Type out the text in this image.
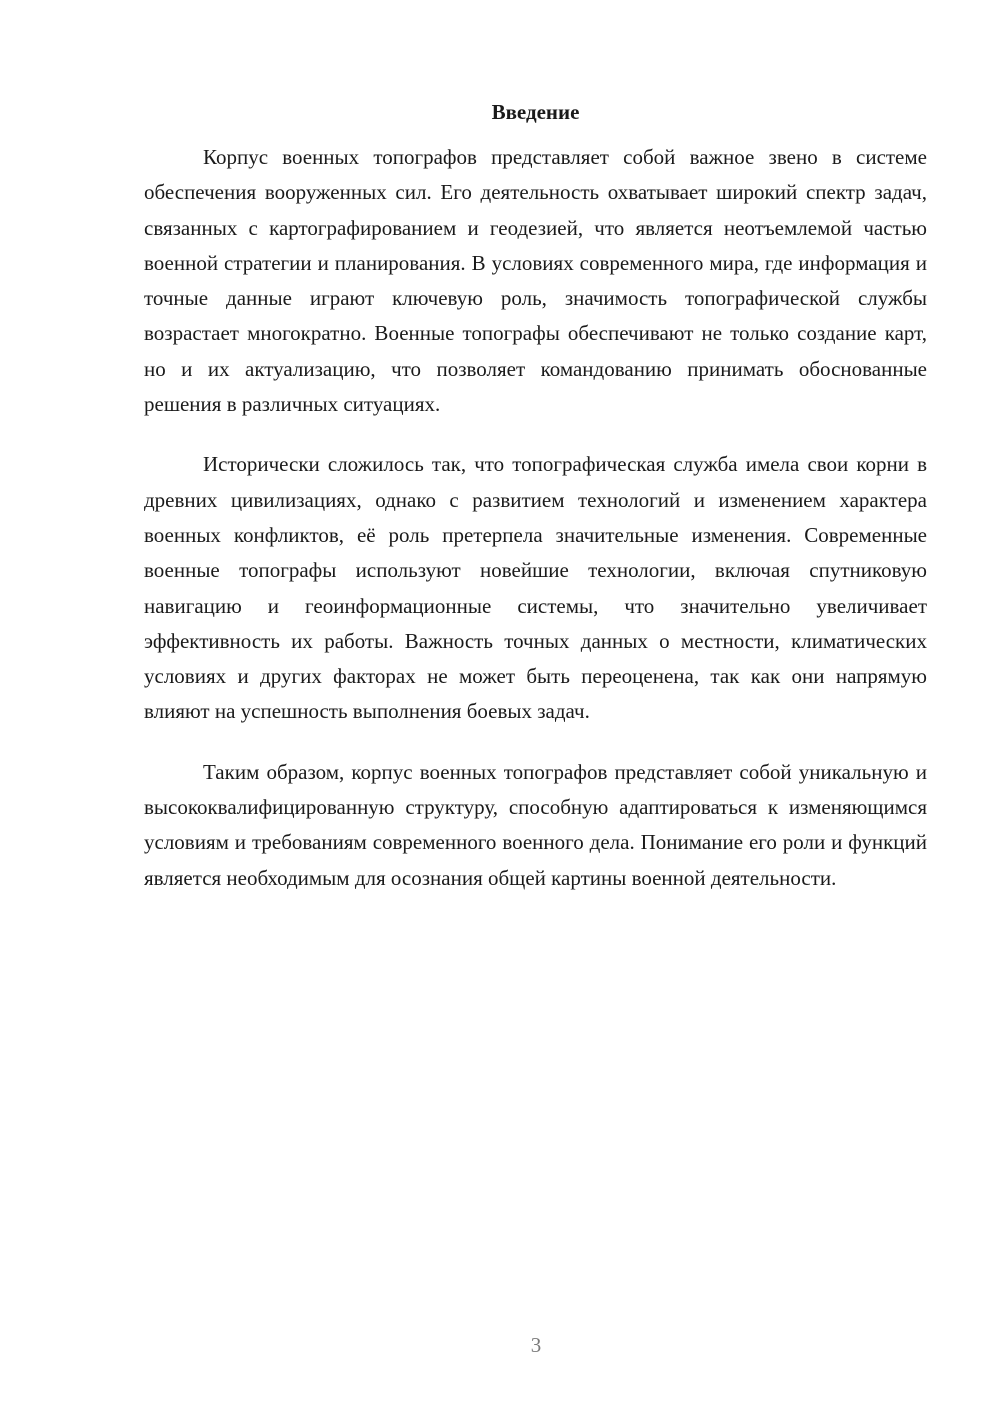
Введение

Корпус военных топографов представляет собой важное звено в системе обеспечения вооруженных сил. Его деятельность охватывает широкий спектр задач, связанных с картографированием и геодезией, что является неотъемлемой частью военной стратегии и планирования. В условиях современного мира, где информация и точные данные играют ключевую роль, значимость топографической службы возрастает многократно. Военные топографы обеспечивают не только создание карт, но и их актуализацию, что позволяет командованию принимать обоснованные решения в различных ситуациях.

Исторически сложилось так, что топографическая служба имела свои корни в древних цивилизациях, однако с развитием технологий и изменением характера военных конфликтов, её роль претерпела значительные изменения. Современные военные топографы используют новейшие технологии, включая спутниковую навигацию и геоинформационные системы, что значительно увеличивает эффективность их работы. Важность точных данных о местности, климатических условиях и других факторах не может быть переоценена, так как они напрямую влияют на успешность выполнения боевых задач.

Таким образом, корпус военных топографов представляет собой уникальную и высококвалифицированную структуру, способную адаптироваться к изменяющимся условиям и требованиям современного военного дела. Понимание его роли и функций является необходимым для осознания общей картины военной деятельности.

3
